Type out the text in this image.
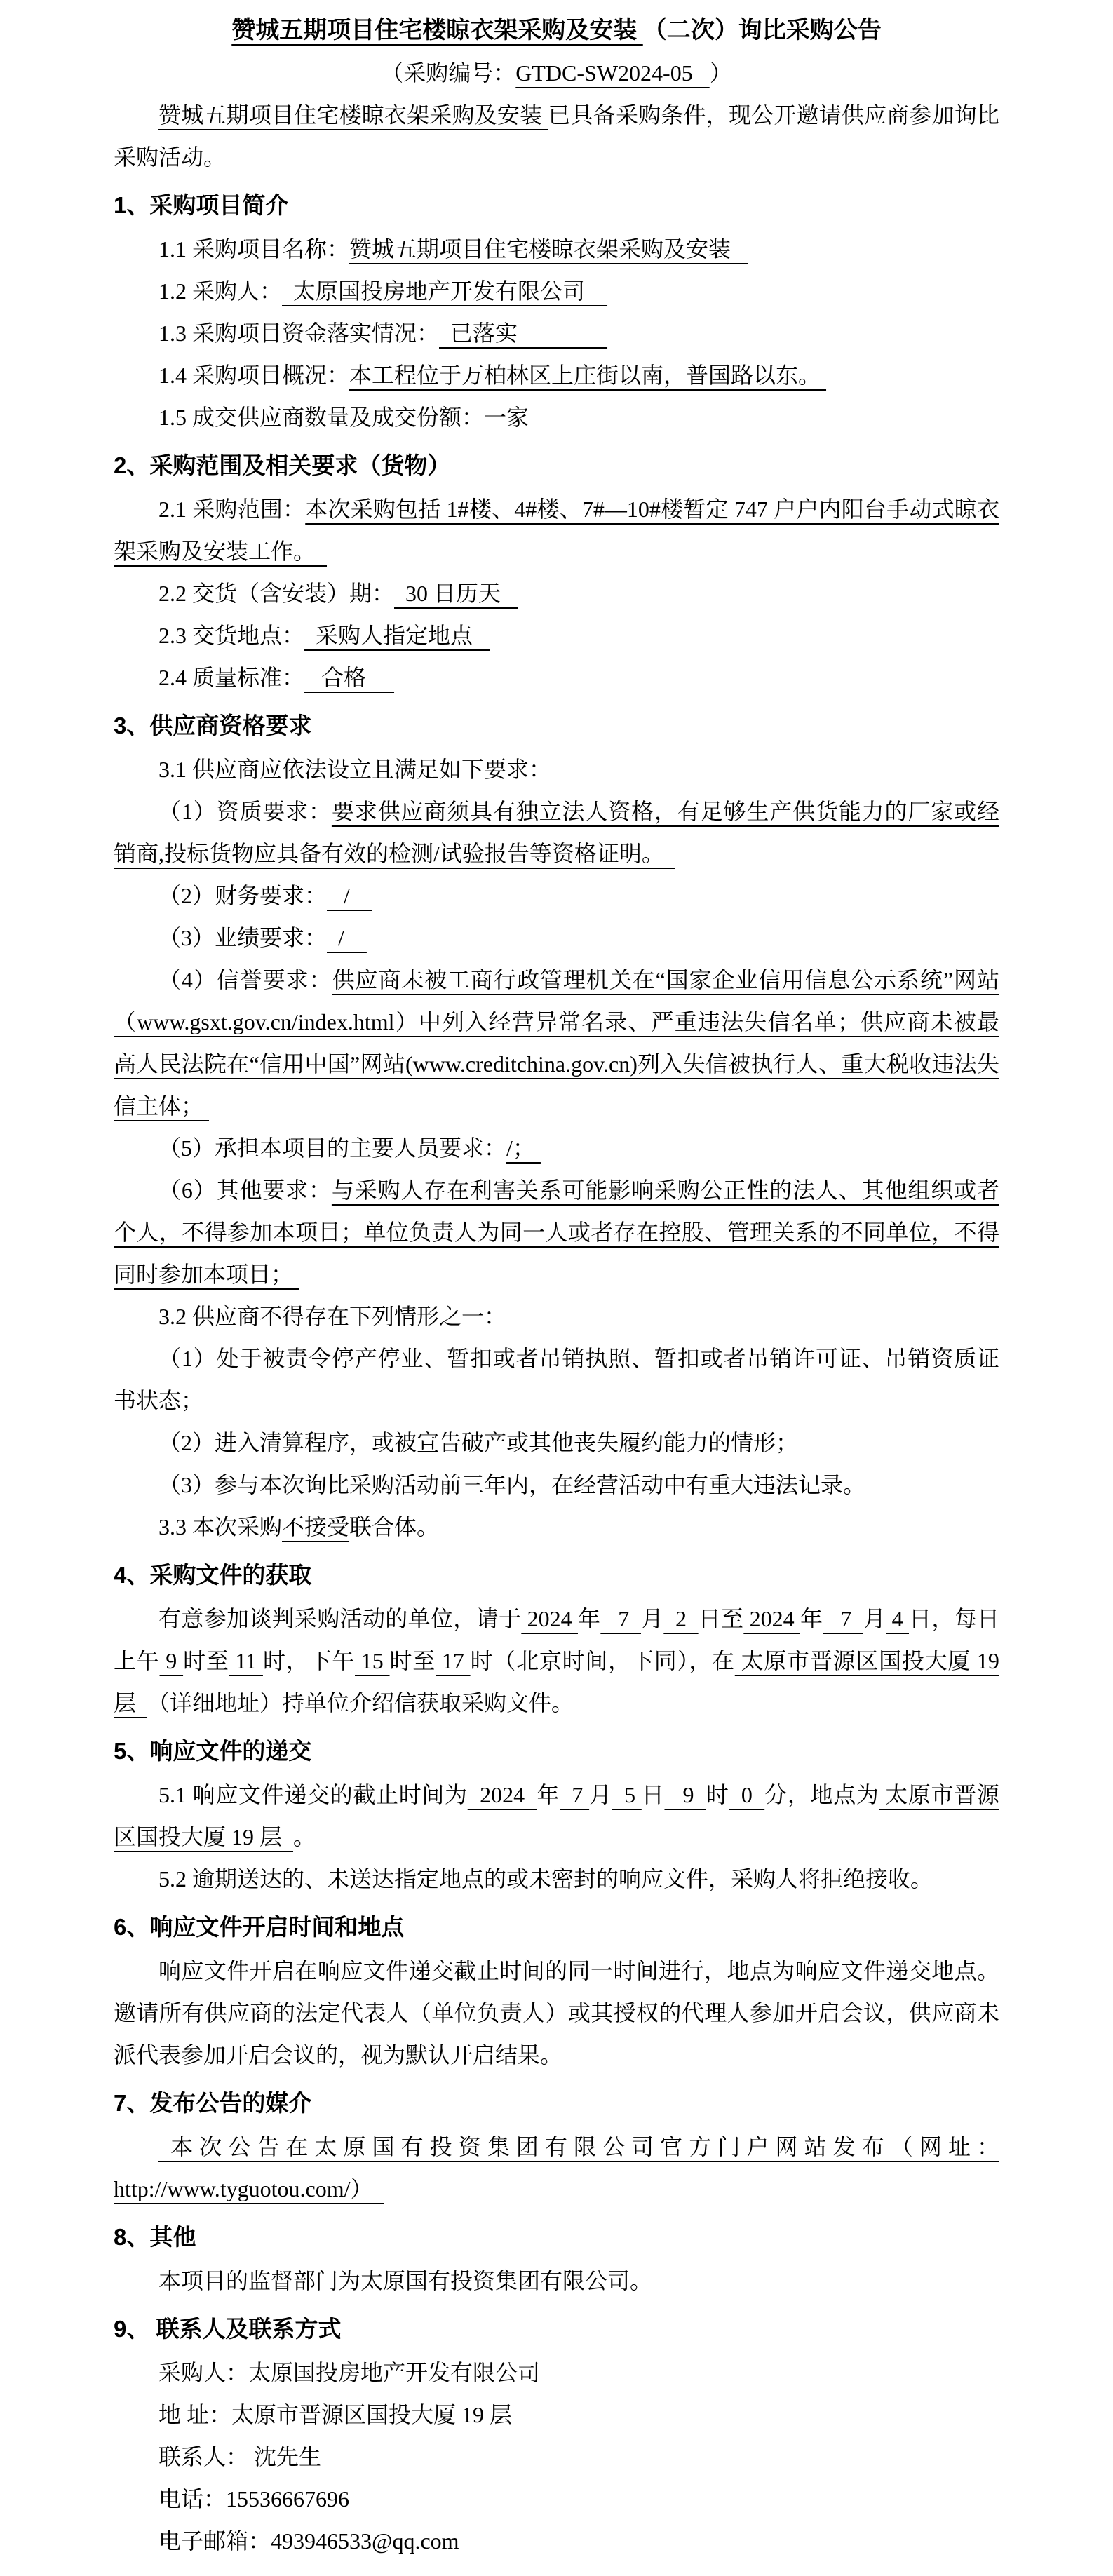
赞城五期项目住宅楼晾衣架采购及安装 （二次）询比采购公告

（采购编号：GTDC-SW2024-05   ）

赞城五期项目住宅楼晾衣架采购及安装 已具备采购条件，现公开邀请供应商参加询比采购活动。

1、采购项目简介

1.1 采购项目名称：赞城五期项目住宅楼晾衣架采购及安装

1.2 采购人：  太原国投房地产开发有限公司

1.3 采购项目资金落实情况：  已落实

1.4 采购项目概况：本工程位于万柏林区上庄街以南，普国路以东。

1.5 成交供应商数量及成交份额：一家

2、采购范围及相关要求（货物）

2.1 采购范围：本次采购包括 1#楼、4#楼、7#—10#楼暂定 747 户户内阳台手动式晾衣架采购及安装工作。

2.2 交货（含安装）期：  30 日历天

2.3 交货地点：  采购人指定地点

2.4 质量标准：   合格

3、供应商资格要求

3.1 供应商应依法设立且满足如下要求：

（1）资质要求：要求供应商须具有独立法人资格，有足够生产供货能力的厂家或经销商,投标货物应具备有效的检测/试验报告等资格证明。

（2）财务要求：   /

（3）业绩要求：  /

（4）信誉要求：供应商未被工商行政管理机关在“国家企业信用信息公示系统”网站（www.gsxt.gov.cn/index.html）中列入经营异常名录、严重违法失信名单；供应商未被最高人民法院在“信用中国”网站(www.creditchina.gov.cn)列入失信被执行人、重大税收违法失信主体；

（5）承担本项目的主要人员要求：/；

（6）其他要求：与采购人存在利害关系可能影响采购公正性的法人、其他组织或者个人，不得参加本项目；单位负责人为同一人或者存在控股、管理关系的不同单位，不得同时参加本项目；

3.2 供应商不得存在下列情形之一：

（1）处于被责令停产停业、暂扣或者吊销执照、暂扣或者吊销许可证、吊销资质证书状态；

（2）进入清算程序，或被宣告破产或其他丧失履约能力的情形；

（3）参与本次询比采购活动前三年内，在经营活动中有重大违法记录。

3.3 本次采购不接受联合体。

4、采购文件的获取

有意参加谈判采购活动的单位，请于 2024 年   7  月  2  日至 2024 年   7  月 4 日，每日上午 9 时至 11 时，下午 15 时至 17 时（北京时间，下同），在 太原市晋源区国投大厦 19 层  （详细地址）持单位介绍信获取采购文件。

5、响应文件的递交

5.1 响应文件递交的截止时间为  2024  年  7 月  5 日   9  时  0  分，地点为 太原市晋源区国投大厦 19 层  。

5.2 逾期送达的、未送达指定地点的或未密封的响应文件，采购人将拒绝接收。

6、响应文件开启时间和地点

响应文件开启在响应文件递交截止时间的同一时间进行，地点为响应文件递交地点。邀请所有供应商的法定代表人（单位负责人）或其授权的代理人参加开启会议，供应商未派代表参加开启会议的，视为默认开启结果。

7、发布公告的媒介

本次公告在太原国有投资集团有限公司官方门户网站发布（网址：http://www.tyguotou.com/）

8、其他

本项目的监督部门为太原国有投资集团有限公司。

9、 联系人及联系方式

采购人：太原国投房地产开发有限公司

地 址：太原市晋源区国投大厦 19 层

联系人： 沈先生

电话：15536667696

电子邮箱：493946533@qq.com
